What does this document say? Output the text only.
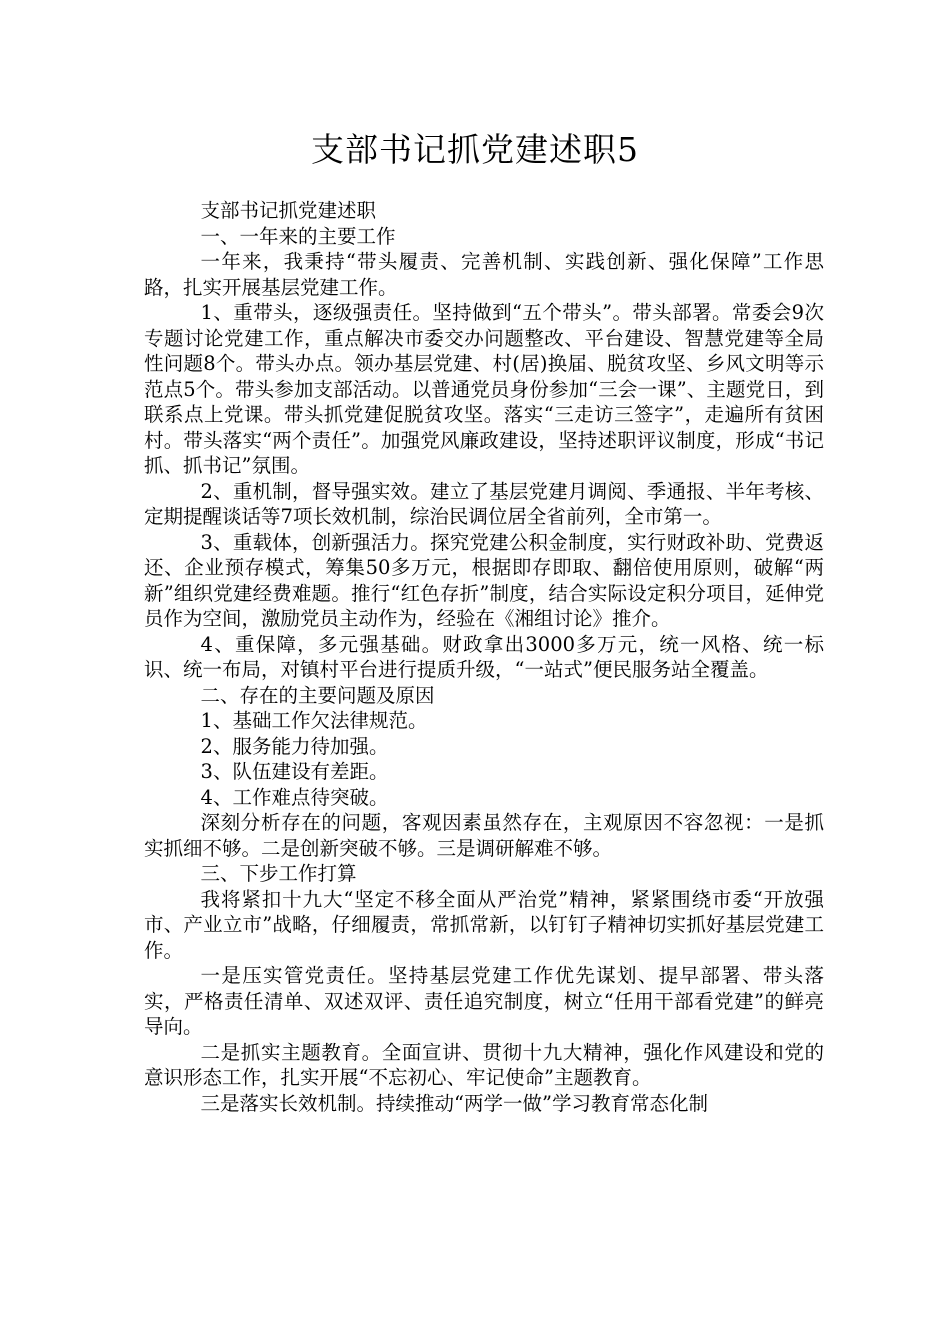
支部书记抓党建述职5

支部书记抓党建述职

一、一年来的主要工作

一年来，我秉持“带头履责、完善机制、实践创新、强化保障”工作思路，扎实开展基层党建工作。

1、重带头，逐级强责任。坚持做到“五个带头”。带头部署。常委会9次专题讨论党建工作，重点解决市委交办问题整改、平台建设、智慧党建等全局性问题8个。带头办点。领办基层党建、村(居)换届、脱贫攻坚、乡风文明等示范点5个。带头参加支部活动。以普通党员身份参加“三会一课”、主题党日，到联系点上党课。带头抓党建促脱贫攻坚。落实“三走访三签字”，走遍所有贫困村。带头落实“两个责任”。加强党风廉政建设，坚持述职评议制度，形成“书记抓、抓书记”氛围。

2、重机制，督导强实效。建立了基层党建月调阅、季通报、半年考核、定期提醒谈话等7项长效机制，综治民调位居全省前列，全市第一。

3、重载体，创新强活力。探究党建公积金制度，实行财政补助、党费返还、企业预存模式，筹集50多万元，根据即存即取、翻倍使用原则，破解“两新”组织党建经费难题。推行“红色存折”制度，结合实际设定积分项目，延伸党员作为空间，激励党员主动作为，经验在《湘组讨论》推介。

4、重保障，多元强基础。财政拿出3000多万元，统一风格、统一标识、统一布局，对镇村平台进行提质升级，“一站式”便民服务站全覆盖。

二、存在的主要问题及原因

1、基础工作欠法律规范。

2、服务能力待加强。

3、队伍建设有差距。

4、工作难点待突破。

深刻分析存在的问题，客观因素虽然存在，主观原因不容忽视：一是抓实抓细不够。二是创新突破不够。三是调研解难不够。

三、下步工作打算

我将紧扣十九大“坚定不移全面从严治党”精神，紧紧围绕市委“开放强市、产业立市”战略，仔细履责，常抓常新，以钉钉子精神切实抓好基层党建工作。

一是压实管党责任。坚持基层党建工作优先谋划、提早部署、带头落实，严格责任清单、双述双评、责任追究制度，树立“任用干部看党建”的鲜亮导向。

二是抓实主题教育。全面宣讲、贯彻十九大精神，强化作风建设和党的意识形态工作，扎实开展“不忘初心、牢记使命”主题教育。

三是落实长效机制。持续推动“两学一做”学习教育常态化制
